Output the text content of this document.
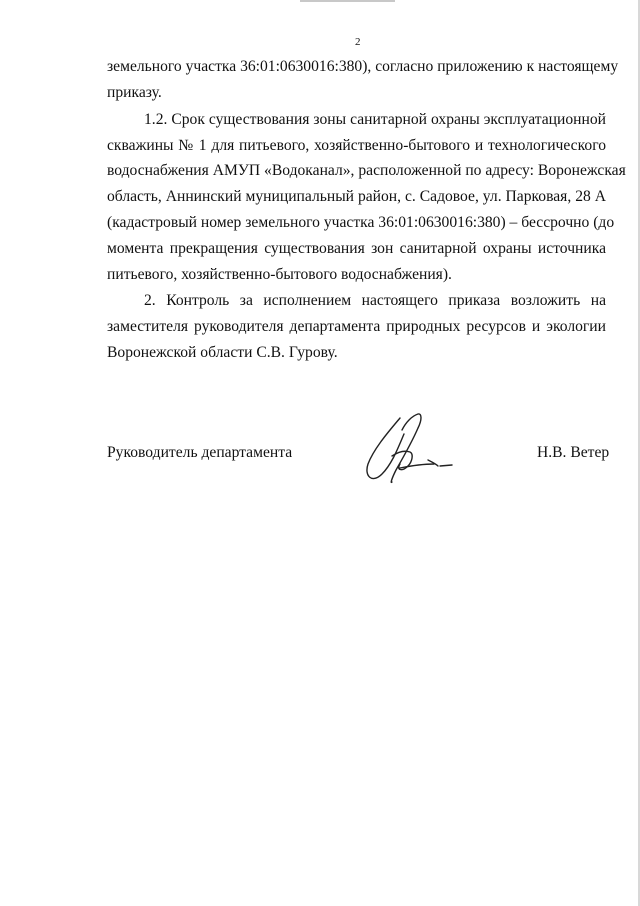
2
земельного участка 36:01:0630016:380), согласно приложению к настоящему
приказу.
1.2. Срок существования зоны санитарной охраны эксплуатационной
скважины № 1 для питьевого, хозяйственно-бытового и технологического
водоснабжения АМУП «Водоканал», расположенной по адресу: Воронежская
область, Аннинский муниципальный район, с. Садовое, ул. Парковая, 28 А
(кадастровый номер земельного участка 36:01:0630016:380) – бессрочно (до
момента прекращения существования зон санитарной охраны источника
питьевого, хозяйственно-бытового водоснабжения).
2. Контроль за исполнением настоящего приказа возложить на
заместителя руководителя департамента природных ресурсов и экологии
Воронежской области С.В. Гурову.
Руководитель департамента	Н.В. Ветер
